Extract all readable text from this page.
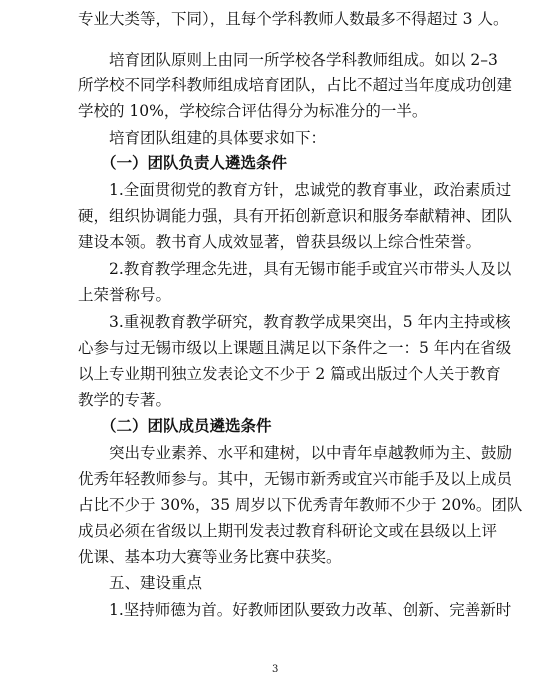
专业大类等，下同），且每个学科教师人数最多不得超过 3 人。
培育团队原则上由同一所学校各学科教师组成。如以 2–3
所学校不同学科教师组成培育团队，占比不超过当年度成功创建
学校的 10%，学校综合评估得分为标准分的一半。
培育团队组建的具体要求如下：
（一）团队负责人遴选条件
1.全面贯彻党的教育方针，忠诚党的教育事业，政治素质过
硬，组织协调能力强，具有开拓创新意识和服务奉献精神、团队
建设本领。教书育人成效显著，曾获县级以上综合性荣誉。
2.教育教学理念先进，具有无锡市能手或宜兴市带头人及以
上荣誉称号。
3.重视教育教学研究，教育教学成果突出，5 年内主持或核
心参与过无锡市级以上课题且满足以下条件之一：5 年内在省级
以上专业期刊独立发表论文不少于 2 篇或出版过个人关于教育
教学的专著。
（二）团队成员遴选条件
突出专业素养、水平和建树，以中青年卓越教师为主、鼓励
优秀年轻教师参与。其中，无锡市新秀或宜兴市能手及以上成员
占比不少于 30%，35 周岁以下优秀青年教师不少于 20%。团队
成员必须在省级以上期刊发表过教育科研论文或在县级以上评
优课、基本功大赛等业务比赛中获奖。
五、建设重点
1.坚持师德为首。好教师团队要致力改革、创新、完善新时
3
